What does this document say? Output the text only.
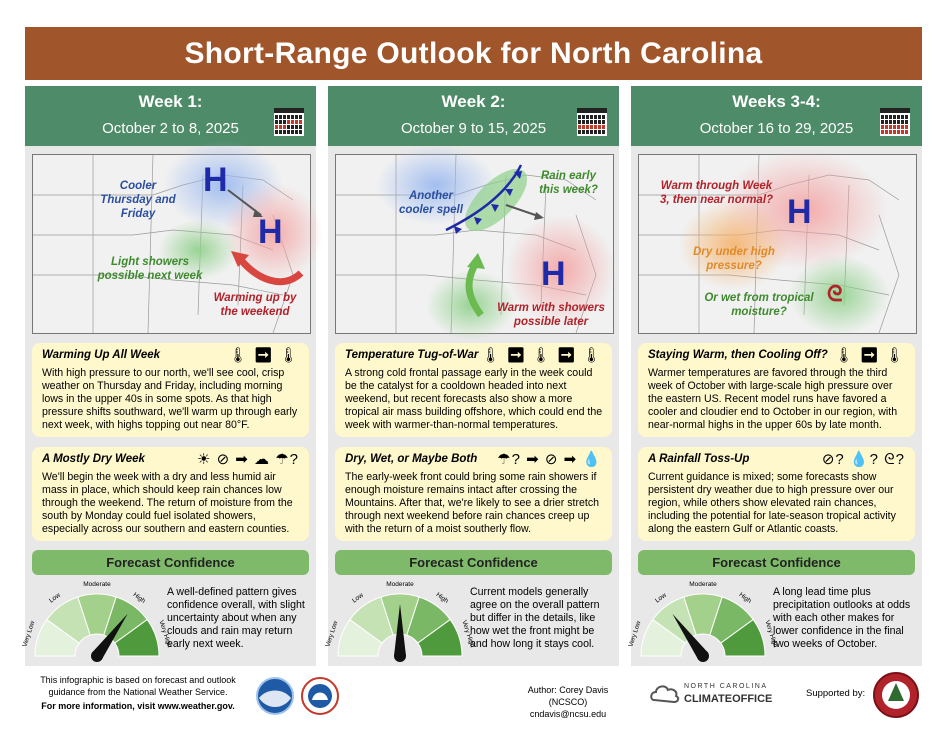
Short-Range Outlook for North Carolina
Week 1:
October 2 to 8, 2025
H
H
Cooler Thursday and Friday
Light showers possible next week
Warming up by the weekend
Warming Up All Week	🌡 ➡ 🌡
With high pressure to our north, we'll see cool, crisp weather on Thursday and Friday, including morning lows in the upper 40s in some spots. As that high pressure shifts southward, we'll warm up through early next week, with highs topping out near 80°F.
A Mostly Dry Week	☀ ⊘ ➡ ☁ ☂?
We'll begin the week with a dry and less humid air mass in place, which should keep rain chances low through the weekend. The return of moisture from the south by Monday could fuel isolated showers, especially across our southern and eastern counties.
Forecast Confidence
Very Low
Low
Moderate
High
Very High
A well-defined pattern gives confidence overall, with slight uncertainty about when any clouds and rain may return early next week.
Week 2:
October 9 to 15, 2025
H
Another cooler spell
Rain early this week?
Warm with showers possible later
Temperature Tug-of-War 🌡 ➡ 🌡 ➡ 🌡
A strong cold frontal passage early in the week could be the catalyst for a cooldown headed into next weekend, but recent forecasts also show a more tropical air mass building offshore, which could end the week with warmer-than-normal temperatures.
Dry, Wet, or Maybe Both ☂? ➡ ⊘ ➡ 💧
The early-week front could bring some rain showers if enough moisture remains intact after crossing the Mountains. After that, we're likely to see a drier stretch through next weekend before rain chances creep up with the return of a moist southerly flow.
Forecast Confidence
Very Low
Low
Moderate
High
Very High
Current models generally agree on the overall pattern but differ in the details, like how wet the front might be and how long it stays cool.
Weeks 3-4:
October 16 to 29, 2025
H
ᘓ
Warm through Week 3, then near normal?
Dry under high pressure?
Or wet from tropical moisture?
Staying Warm, then Cooling Off? 🌡 ➡ 🌡
Warmer temperatures are favored through the third week of October with large-scale high pressure over the eastern US. Recent model runs have favored a cooler and cloudier end to October in our region, with near-normal highs in the upper 60s by late month.
A Rainfall Toss-Up	⊘? 💧? ᘓ?
Current guidance is mixed; some forecasts show persistent dry weather due to high pressure over our region, while others show elevated rain chances, including the potential for late-season tropical activity along the eastern Gulf or Atlantic coasts.
Forecast Confidence
Very Low
Low
Moderate
High
Very High
A long lead time plus precipitation outlooks at odds with each other makes for lower confidence in the final two weeks of October.
This infographic is based on forecast and outlook
guidance from the National Weather Service.
For more information, visit www.weather.gov.
Author: Corey Davis (NCSCO)
cndavis@ncsu.edu
NORTH CAROLINA
CLIMATEOFFICE	Supported by:
